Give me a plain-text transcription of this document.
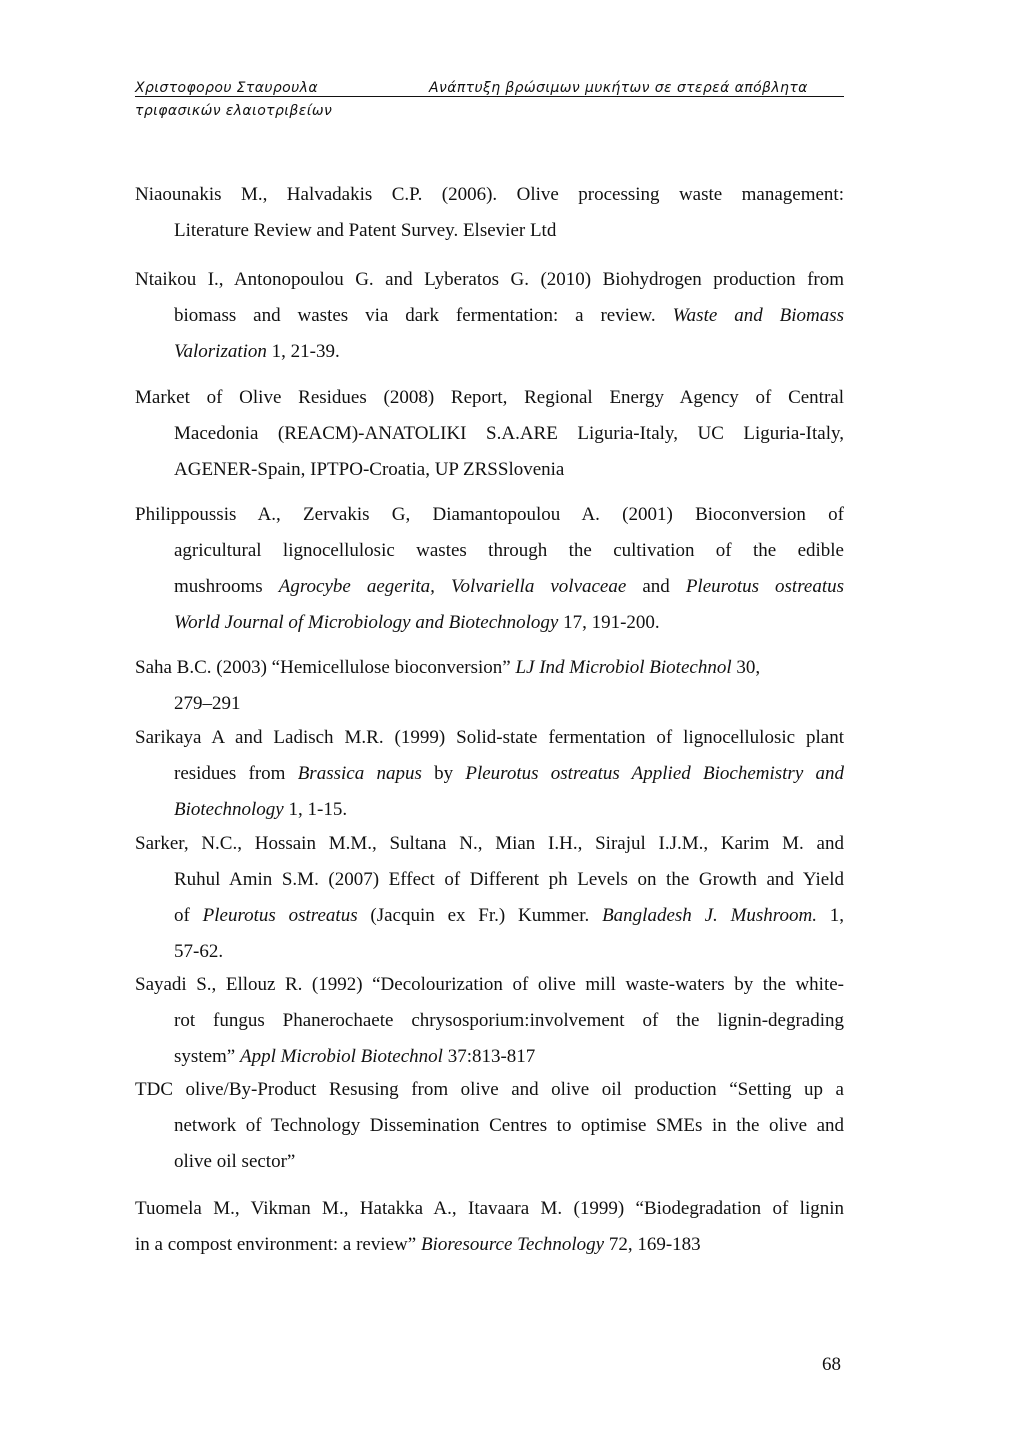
Χριστοφορου Σταυρουλα	Ανάπτυξη βρώσιμων μυκήτων σε στερεά απόβλητα
τριφασικών ελαιοτριβείων
Niaounakis M., Halvadakis C.P. (2006). Olive processing waste management:
Literature Review and Patent Survey. Elsevier Ltd
Ntaikou I., Antonopoulou G. and Lyberatos G. (2010) Biohydrogen production from
biomass and wastes via dark fermentation: a review. Waste and Biomass
Valorization 1, 21-39.
Market of Olive Residues (2008) Report, Regional Energy Agency of Central
Macedonia (REACM)-ANATOLIKI S.A.ARE Liguria-Italy, UC Liguria-Italy,
AGENER-Spain, IPTPO-Croatia, UP ZRSSlovenia
Philippoussis A., Zervakis G, Diamantopoulou A. (2001) Bioconversion of
agricultural lignocellulosic wastes through the cultivation of the edible
mushrooms Agrocybe aegerita, Volvariella volvaceae and Pleurotus ostreatus
World Journal of Microbiology and Biotechnology 17, 191-200.
Saha B.C. (2003) “Hemicellulose bioconversion” LJ Ind Microbiol Biotechnol 30,
279–291
Sarikaya A and Ladisch M.R. (1999) Solid-state fermentation of lignocellulosic plant
residues from Brassica napus by Pleurotus ostreatus Applied Biochemistry and
Biotechnology 1, 1-15.
Sarker, N.C., Hossain M.M., Sultana N., Mian I.H., Sirajul I.J.M., Karim M. and
Ruhul Amin S.M. (2007) Effect of Different ph Levels on the Growth and Yield
of Pleurotus ostreatus (Jacquin ex Fr.) Kummer. Bangladesh J. Mushroom. 1,
57-62.
Sayadi S., Ellouz R. (1992) “Decolourization of olive mill waste-waters by the white-
rot fungus Phanerochaete chrysosporium:involvement of the lignin-degrading
system” Appl Microbiol Biotechnol 37:813-817
TDC olive/By-Product Resusing from olive and olive oil production “Setting up a
network of Technology Dissemination Centres to optimise SMEs in the olive and
olive oil sector”
Tuomela M., Vikman M., Hatakka A., Itavaara M. (1999) “Biodegradation of lignin
in a compost environment: a review” Bioresource Technology 72, 169-183
68
